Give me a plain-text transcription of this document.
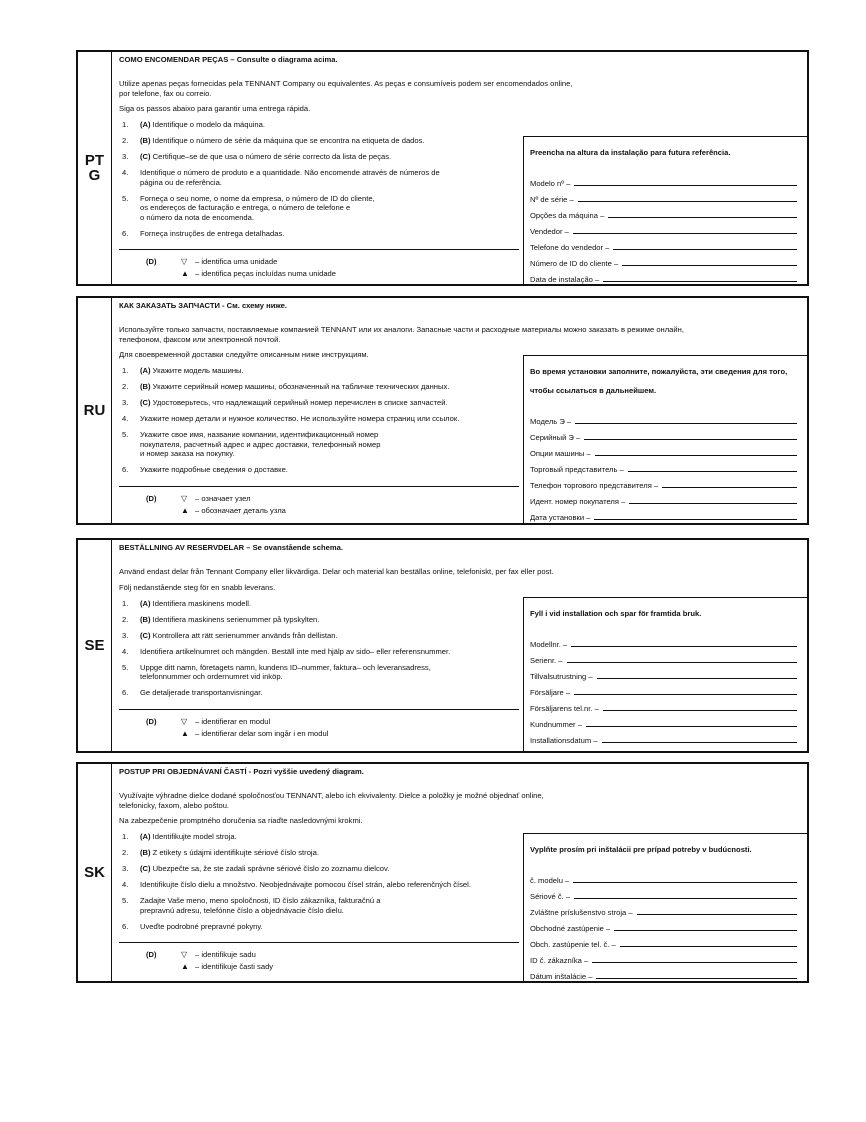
PT
G
COMO ENCOMENDAR PEÇAS – Consulte o diagrama acima.
Utilize apenas peças fornecidas pela TENNANT Company ou equivalentes. As peças e consumíveis podem ser encomendados online,
por telefone, fax ou correio.
Siga os passos abaixo para garantir uma entrega rápida.
1.	(A) Identifique o modelo da máquina.
2.	(B) Identifique o número de série da máquina que se encontra na etiqueta de dados.
3.	(C) Certifique–se de que usa o número de série correcto da lista de peças.
4.	Identifique o número de produto e a quantidade. Não encomende através de números de
página ou de referência.
5.	Forneça o seu nome, o nome da empresa, o número de ID do cliente,
os endereços de facturação e entrega, o número de telefone e
o número da nota de encomenda.
6.	Forneça instruções de entrega detalhadas.
(D)	▽	– identifica uma unidade
▲ – identifica peças incluídas numa unidade
Preencha na altura da instalação para futura referência.
Modelo nº –
Nº de série –
Opções da máquina –
Vendedor –
Telefone do vendedor –
Número de ID do cliente –
Data de instalação –
RU
КАК ЗАКАЗАТЬ ЗАПЧАСТИ - См. схему ниже.
Используйте только запчасти, поставляемые компанией TENNANT или их аналоги. Запасные части и расходные материалы можно заказать в режиме онлайн,
телефоном, факсом или электронной почтой.
Для своевременной доставки следуйте описанным ниже инструкциям.
1.	(A) Укажите модель машины.
2.	(B) Укажите серийный номер машины, обозначенный на табличке технических данных.
3.	(C) Удостоверьтесь, что надлежащий серийный номер перечислен в списке запчастей.
4.	Укажите номер детали и нужное количество. Не используйте номера страниц или ссылок.
5.	Укажите свое имя, название компании, идентификационный номер
покупателя, расчетный адрес и адрес доставки, телефонный номер
и номер заказа на покупку.
6.	Укажите подробные сведения о доставке.
(D)	▽	– означает узел
▲ – обозначает деталь узла
Во время установки заполните, пожалуйста, эти сведения для того, чтобы ссылаться в дальнейшем.
Модель Э –
Серийный Э –
Опции машины –
Торговый представитель –
Телефон торгового представителя –
Идент. номер покупателя –
Дата установки –
SE
BESTÄLLNING AV RESERVDELAR – Se ovanstående schema.
Använd endast delar från Tennant Company eller likvärdiga. Delar och material kan beställas online, telefoniskt, per fax eller post.
Följ nedanstående steg för en snabb leverans.
1.	(A) Identifiera maskinens modell.
2.	(B) Identifiera maskinens serienummer på typskylten.
3.	(C) Kontrollera att rätt serienummer används från dellistan.
4.	Identifiera artikelnumret och mängden. Beställ inte med hjälp av sido– eller referensnummer.
5.	Uppge ditt namn, företagets namn, kundens ID–nummer, faktura– och leveransadress,
telefonnummer och ordernumret vid inköp.
6.	Ge detaljerade transportanvisningar.
(D)	▽	– identifierar en modul
▲ – identifierar delar som ingår i en modul
Fyll i vid installation och spar för framtida bruk.
Modellnr. –
Serienr. –
Tillvalsutrustning –
Försäljare –
Försäljarens tel.nr. –
Kundnummer –
Installationsdatum –
SK
POSTUP PRI OBJEDNÁVANÍ ČASTÍ - Pozri vyššie uvedený diagram.
Využívajte výhradne dielce dodané spoločnosťou TENNANT, alebo ich ekvivalenty. Dielce a položky je možné objednať online,
telefonicky, faxom, alebo poštou.
Na zabezpečenie promptného doručenia sa riaďte nasledovnými krokmi.
1.	(A) Identifikujte model stroja.
2.	(B) Z etikety s údajmi identifikujte sériové číslo stroja.
3.	(C) Ubezpečte sa, že ste zadali správne sériové číslo zo zoznamu dielcov.
4.	Identifikujte číslo dielu a množstvo. Neobjednávajte pomocou čísel strán, alebo referenčných čísel.
5.	Zadajte Vaše meno, meno spoločnosti, ID číslo zákazníka, fakturačnú a
prepravnú adresu, telefónne číslo a objednávacie číslo dielu.
6.	Uveďte podrobné prepravné pokyny.
(D)	▽	– identifikuje sadu
▲ – identifikuje časti sady
Vyplňte prosím pri inštalácii pre prípad potreby v budúcnosti.
č. modelu –
Sériové č. –
Zvláštne príslušenstvo stroja –
Obchodné zastúpenie –
Obch. zastúpenie tel. č. –
ID č. zákazníka –
Dátum inštalácie –
